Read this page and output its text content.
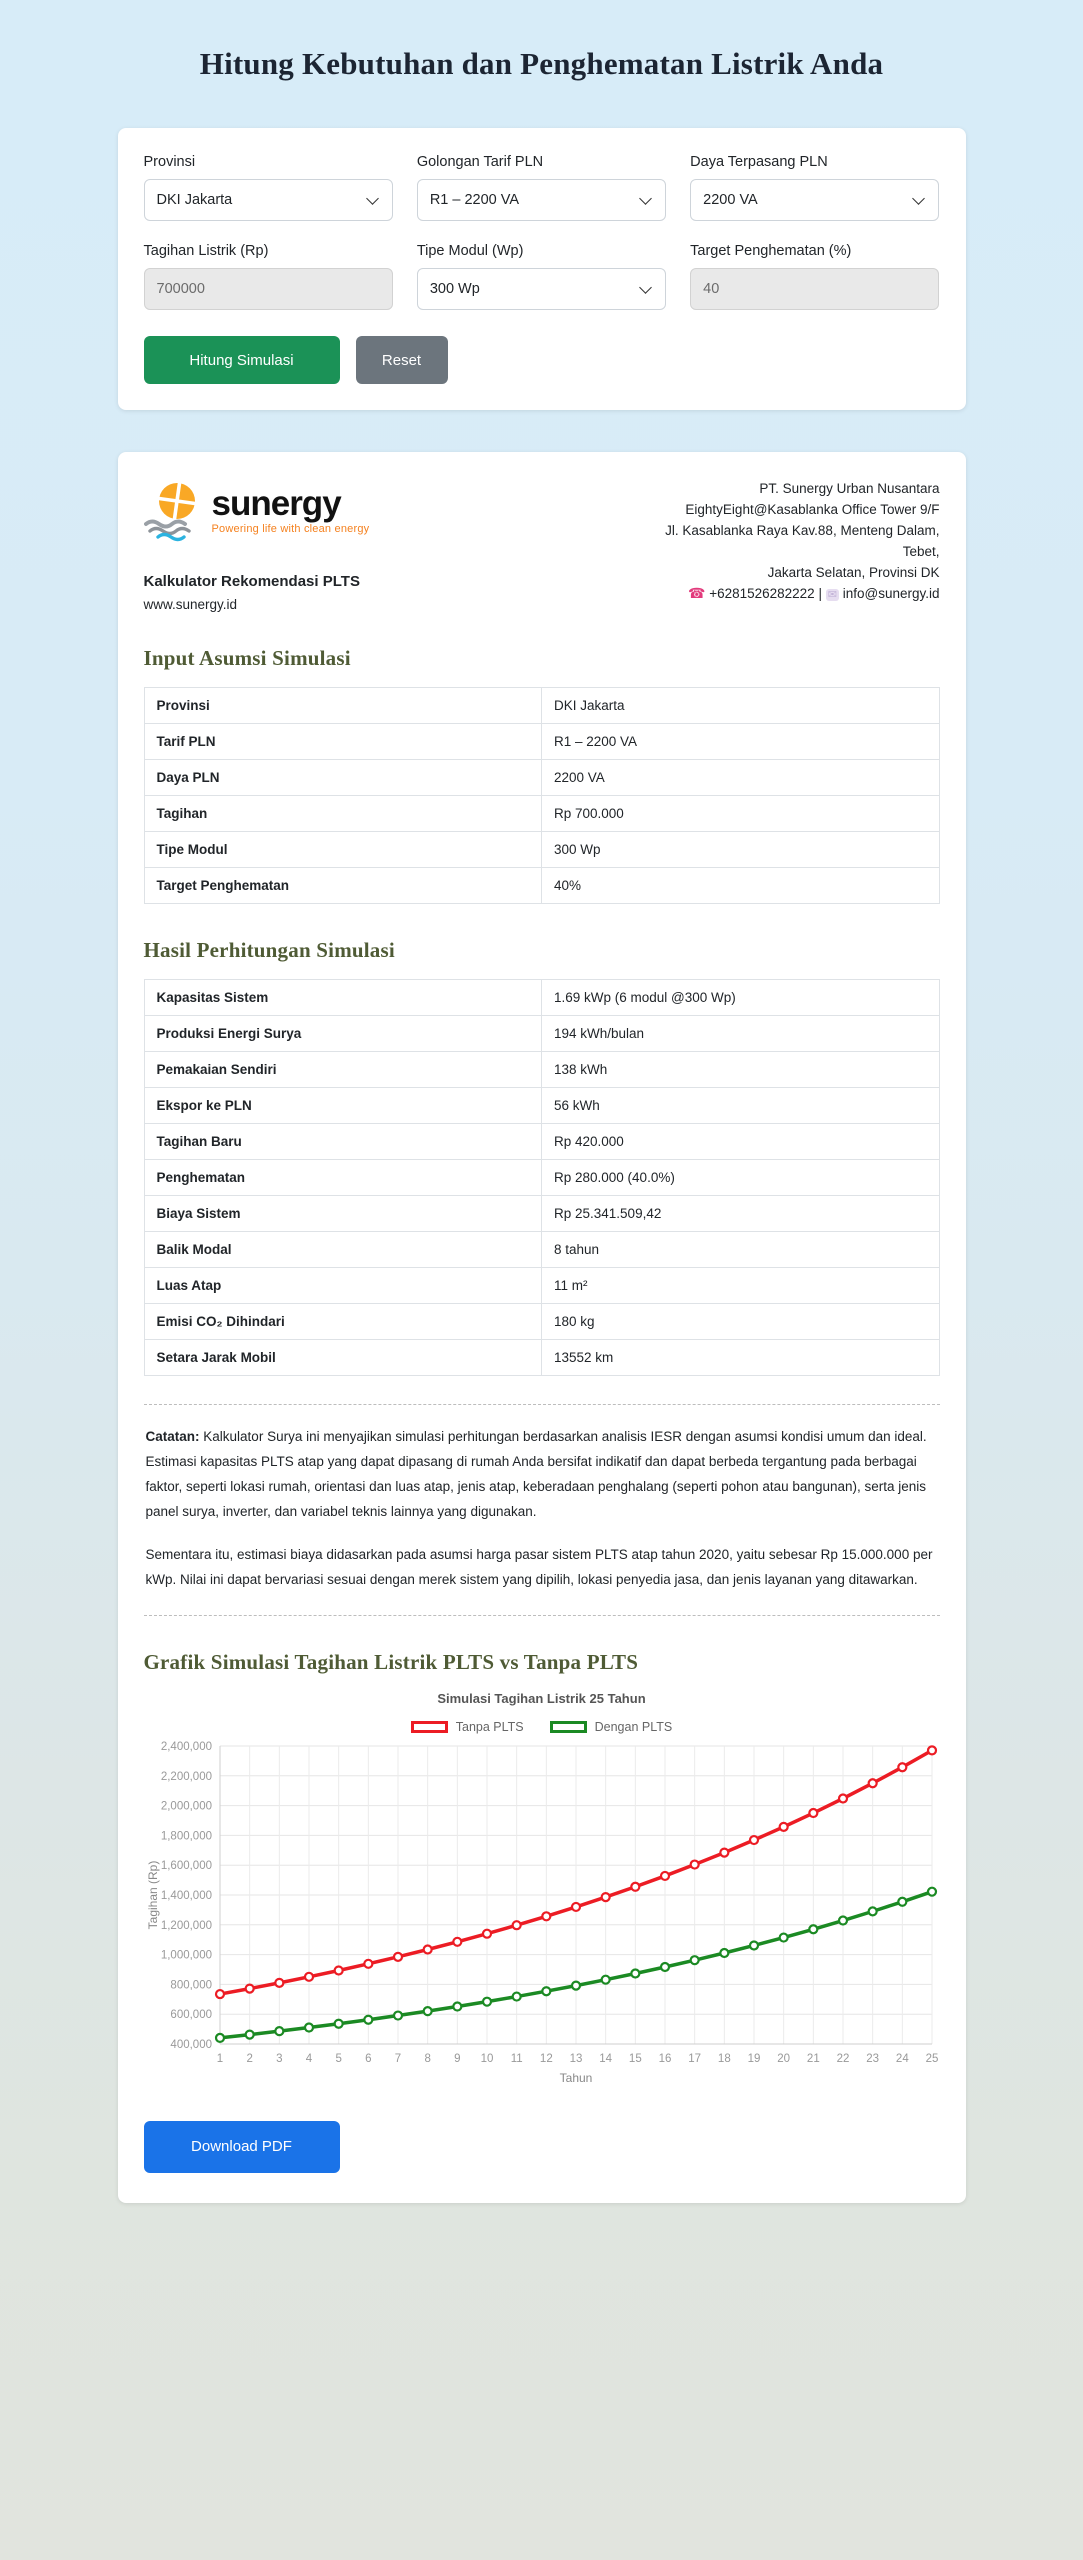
Hitung Kebutuhan dan Penghematan Listrik Anda
Provinsi
DKI Jakarta	Golongan Tarif PLN
R1 – 2200 VA	Daya Terpasang PLN
2200 VA
Tagihan Listrik (Rp)
700000	Tipe Modul (Wp)
300 Wp	Target Penghematan (%)
40
Hitung Simulasi	Reset
sunergy
Powering life with clean energy
Kalkulator Rekomendasi PLTS
www.sunergy.id
PT. Sunergy Urban Nusantara
EightyEight@Kasablanka Office Tower 9/F
Jl. Kasablanka Raya Kav.88, Menteng Dalam, Tebet,
Jakarta Selatan, Provinsi DK
☎ +6281526282222 | ✉ info@sunergy.id
Input Asumsi Simulasi
Provinsi	DKI Jakarta
Tarif PLN	R1 – 2200 VA
Daya PLN	2200 VA
Tagihan	Rp 700.000
Tipe Modul	300 Wp
Target Penghematan	40%
Hasil Perhitungan Simulasi
Kapasitas Sistem	1.69 kWp (6 modul @300 Wp)
Produksi Energi Surya	194 kWh/bulan
Pemakaian Sendiri	138 kWh
Ekspor ke PLN	56 kWh
Tagihan Baru	Rp 420.000
Penghematan	Rp 280.000 (40.0%)
Biaya Sistem	Rp 25.341.509,42
Balik Modal	8 tahun
Luas Atap	11 m²
Emisi CO₂ Dihindari	180 kg
Setara Jarak Mobil	13552 km

Catatan: Kalkulator Surya ini menyajikan simulasi perhitungan berdasarkan analisis IESR dengan asumsi kondisi umum dan ideal. Estimasi kapasitas PLTS atap yang dapat dipasang di rumah Anda bersifat indikatif dan dapat berbeda tergantung pada berbagai faktor, seperti lokasi rumah, orientasi dan luas atap, jenis atap, keberadaan penghalang (seperti pohon atau bangunan), serta jenis panel surya, inverter, dan variabel teknis lainnya yang digunakan.

Sementara itu, estimasi biaya didasarkan pada asumsi harga pasar sistem PLTS atap tahun 2020, yaitu sebesar Rp 15.000.000 per kWp. Nilai ini dapat bervariasi sesuai dengan merek sistem yang dipilih, lokasi penyedia jasa, dan jenis layanan yang ditawarkan.

Grafik Simulasi Tagihan Listrik PLTS vs Tanpa PLTS
Simulasi Tagihan Listrik 25 Tahun
Tanpa PLTS	Dengan PLTS
400,000
600,000
800,000
1,000,000
1,200,000
1,400,000
1,600,000
1,800,000
2,000,000
2,200,000
2,400,000
1 2 3 4 5 6 7 8 9 10 11 12 13 14 15 16 17 18 19 20 21 22 23 24 25
Tahun
Tagihan (Rp)
Download PDF
